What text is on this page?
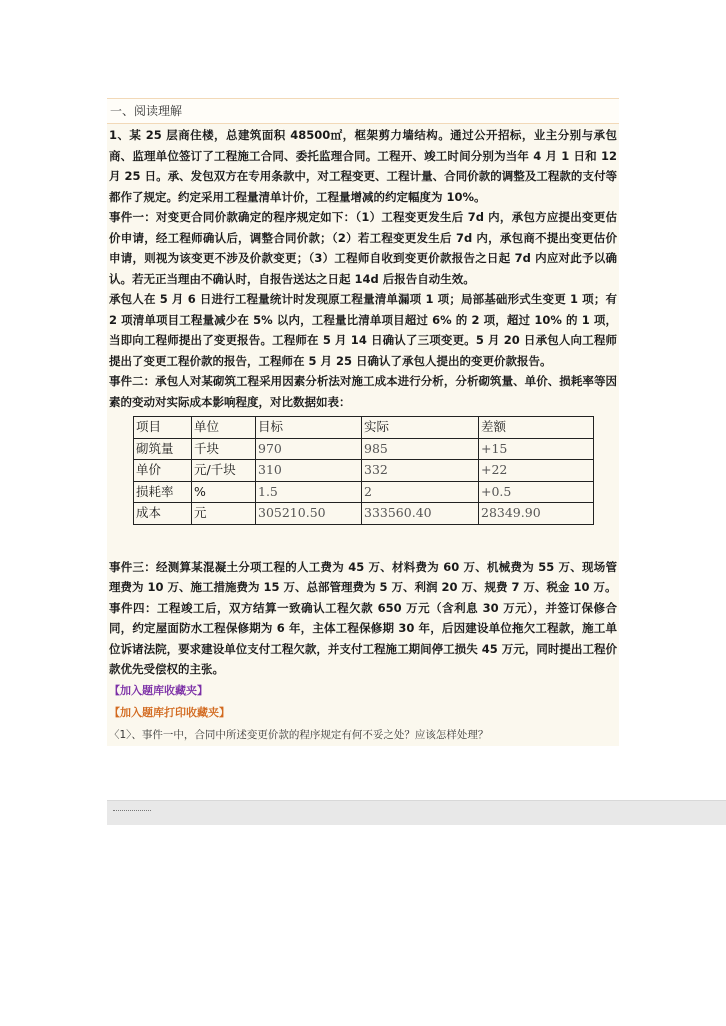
一、阅读理解

1、某 25 层商住楼，总建筑面积 48500㎡，框架剪力墙结构。通过公开招标，业主分别与承包商、监理单位签订了工程施工合同、委托监理合同。工程开、竣工时间分别为当年 4 月 1 日和 12 月 25 日。承、发包双方在专用条款中，对工程变更、工程计量、合同价款的调整及工程款的支付等都作了规定。约定采用工程量清单计价，工程量增减的约定幅度为 10%。

事件一：对变更合同价款确定的程序规定如下：（1）工程变更发生后 7d 内，承包方应提出变更估价申请，经工程师确认后，调整合同价款；（2）若工程变更发生后 7d 内，承包商不提出变更估价申请，则视为该变更不涉及价款变更；（3）工程师自收到变更价款报告之日起 7d 内应对此予以确认。若无正当理由不确认时，自报告送达之日起 14d 后报告自动生效。

承包人在 5 月 6 日进行工程量统计时发现原工程量清单漏项 1 项；局部基础形式生变更 1 项；有 2 项清单项目工程量减少在 5% 以内，工程量比清单项目超过 6% 的 2 项，超过 10% 的 1 项，当即向工程师提出了变更报告。工程师在 5 月 14 日确认了三项变更。5 月 20 日承包人向工程师提出了变更工程价款的报告，工程师在 5 月 25 日确认了承包人提出的变更价款报告。

事件二：承包人对某砌筑工程采用因素分析法对施工成本进行分析，分析砌筑量、单价、损耗率等因素的变动对实际成本影响程度，对比数据如表：

项目	单位	目标	实际	差额
砌筑量	千块	970	985	+15
单价	元/千块	310	332	+22
损耗率	%	1.5	2	+0.5
成本	元	305210.50	333560.40	28349.90

事件三：经测算某混凝土分项工程的人工费为 45 万、材料费为 60 万、机械费为 55 万、现场管理费为 10 万、施工措施费为 15 万、总部管理费为 5 万、利润 20 万、规费 7 万、税金 10 万。

事件四：工程竣工后，双方结算一致确认工程欠款 650 万元（含利息 30 万元），并签订保修合同，约定屋面防水工程保修期为 6 年，主体工程保修期 30 年，后因建设单位拖欠工程款，施工单位诉诸法院，要求建设单位支付工程欠款，并支付工程施工期间停工损失 45 万元，同时提出工程价款优先受偿权的主张。

【加入题库收藏夹】
【加入题库打印收藏夹】
〈1〉、事件一中，合同中所述变更价款的程序规定有何不妥之处？应该怎样处理？
